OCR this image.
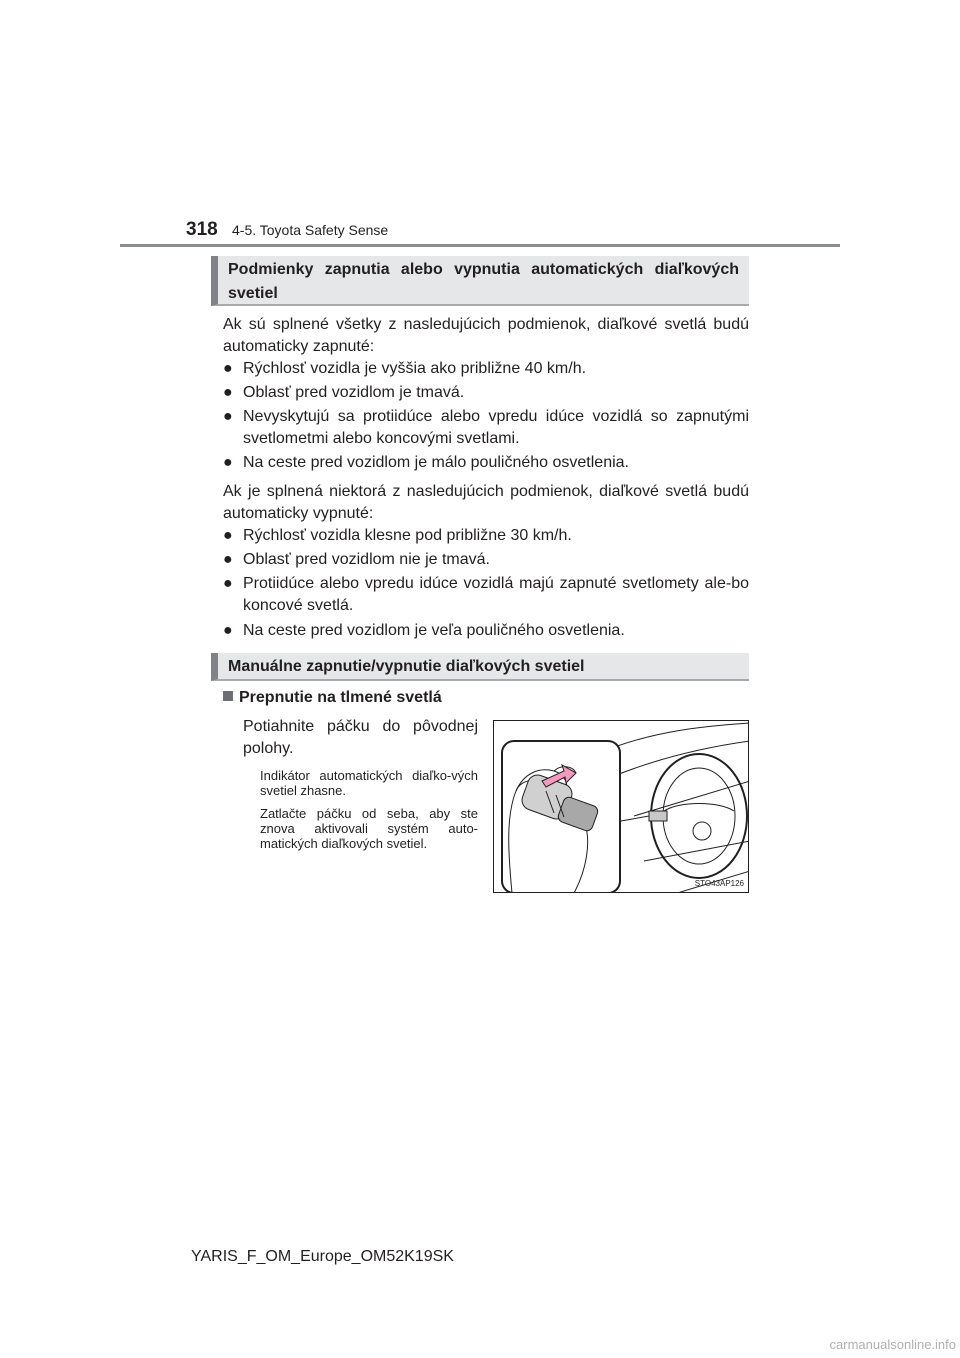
318 4-5. Toyota Safety Sense
Podmienky zapnutia alebo vypnutia automatických diaľkových svetiel
Ak sú splnené všetky z nasledujúcich podmienok, diaľkové svetlá budú automaticky zapnuté:
● Rýchlosť vozidla je vyššia ako približne 40 km/h.
● Oblasť pred vozidlom je tmavá.
● Nevyskytujú sa protiidúce alebo vpredu idúce vozidlá so zapnutými svetlometmi alebo koncovými svetlami.
● Na ceste pred vozidlom je málo pouličného osvetlenia.
Ak je splnená niektorá z nasledujúcich podmienok, diaľkové svetlá budú automaticky vypnuté:
● Rýchlosť vozidla klesne pod približne 30 km/h.
● Oblasť pred vozidlom nie je tmavá.
● Protiidúce alebo vpredu idúce vozidlá majú zapnuté svetlomety ale-bo koncové svetlá.
● Na ceste pred vozidlom je veľa pouličného osvetlenia.
Manuálne zapnutie/vypnutie diaľkových svetiel
Prepnutie na tlmené svetlá
Potiahnite páčku do pôvodnej polohy.
Indikátor automatických diaľko-vých svetiel zhasne.
Zatlačte páčku od seba, aby ste znova aktivovali systém auto-matických diaľkových svetiel.
STO43AP126
YARIS_F_OM_Europe_OM52K19SK
carmanualsonline.info
